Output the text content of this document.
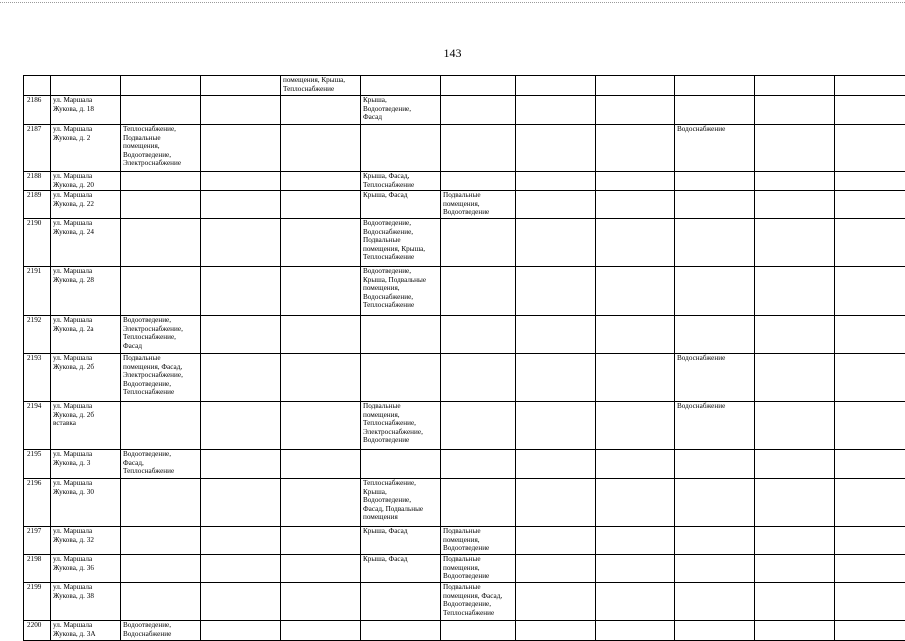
143
				помещения, Крыша,
Теплоснабжение							
2186	ул. Маршала
Жукова, д. 18				Крыша,
Водоотведение,
Фасад						
2187	ул. Маршала
Жукова, д. 2	Теплоснабжение,
Подвальные
помещения,
Водоотведение,
Электроснабжение							Водоснабжение		
2188	ул. Маршала
Жукова, д. 20				Крыша, Фасад,
Теплоснабжение						
2189	ул. Маршала
Жукова, д. 22				Крыша, Фасад	Подвальные
помещения,
Водоотведение					
2190	ул. Маршала
Жукова, д. 24				Водоотведение,
Водоснабжение,
Подвальные
помещения, Крыша,
Теплоснабжение						
2191	ул. Маршала
Жукова, д. 28				Водоотведение,
Крыша, Подвальные
помещения,
Водоснабжение,
Теплоснабжение						
2192	ул. Маршала
Жукова, д. 2а	Водоотведение,
Электроснабжение,
Теплоснабжение,
Фасад									
2193	ул. Маршала
Жукова, д. 2б	Подвальные
помещения, Фасад,
Электроснабжение,
Водоотведение,
Теплоснабжение							Водоснабжение		
2194	ул. Маршала
Жукова, д. 2б
вставка				Подвальные
помещения,
Теплоснабжение,
Электроснабжение,
Водоотведение				Водоснабжение		
2195	ул. Маршала
Жукова, д. 3	Водоотведение,
Фасад,
Теплоснабжение									
2196	ул. Маршала
Жукова, д. 30				Теплоснабжение,
Крыша,
Водоотведение,
Фасад, Подвальные
помещения						
2197	ул. Маршала
Жукова, д. 32				Крыша, Фасад	Подвальные
помещения,
Водоотведение					
2198	ул. Маршала
Жукова, д. 36				Крыша, Фасад	Подвальные
помещения,
Водоотведение					
2199	ул. Маршала
Жукова, д. 38					Подвальные
помещения, Фасад,
Водоотведение,
Теплоснабжение					
2200	ул. Маршала
Жукова, д. 3А	Водоотведение,
Водоснабжение									
